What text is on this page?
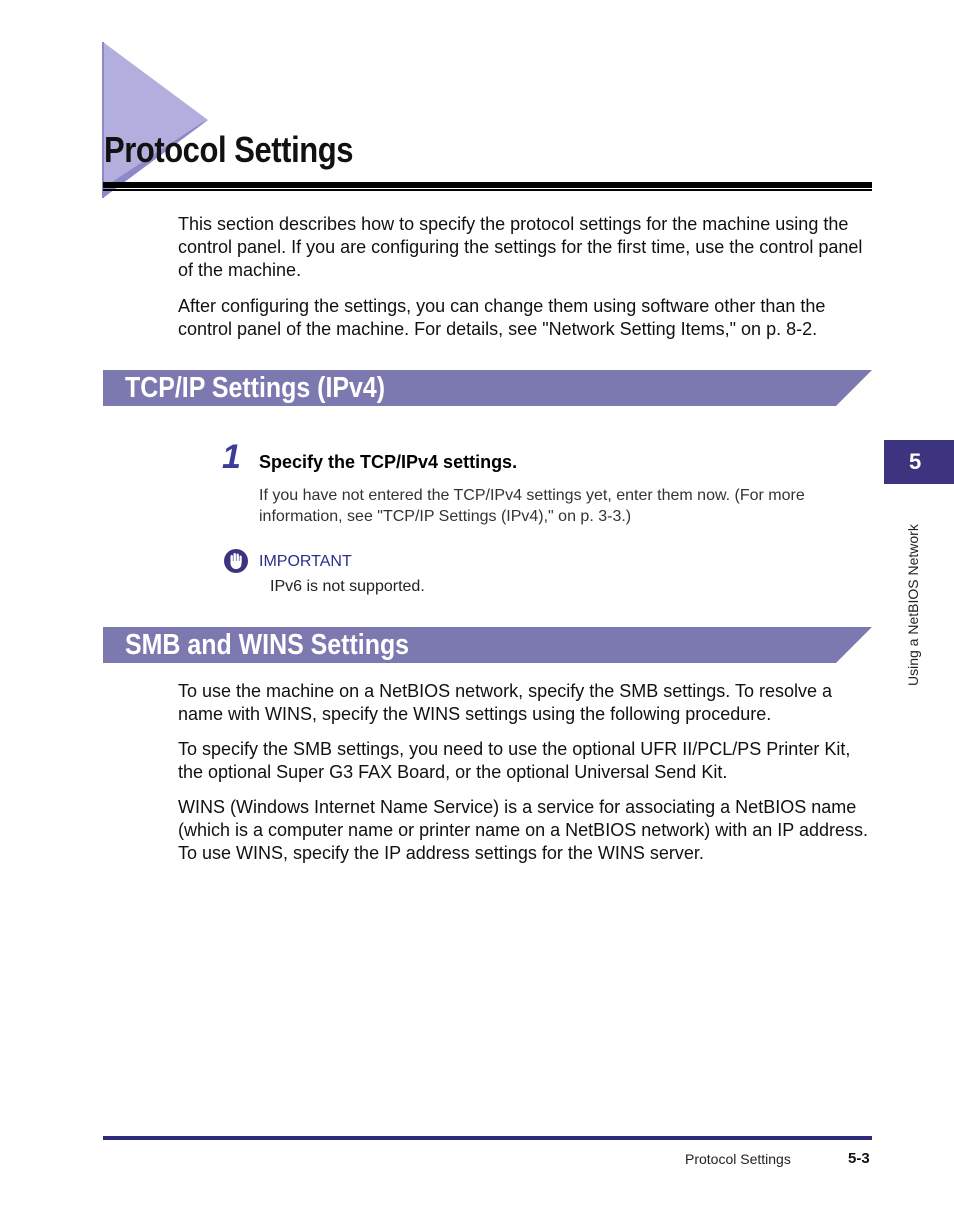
Protocol Settings

This section describes how to specify the protocol settings for the machine using the control panel. If you are configuring the settings for the first time, use the control panel of the machine.

After configuring the settings, you can change them using software other than the control panel of the machine. For details, see "Network Setting Items," on p. 8-2.

TCP/IP Settings (IPv4)
1 Specify the TCP/IPv4 settings.

If you have not entered the TCP/IPv4 settings yet, enter them now. (For more information, see "TCP/IP Settings (IPv4)," on p. 3-3.)

IMPORTANT
IPv6 is not supported.
SMB and WINS Settings

To use the machine on a NetBIOS network, specify the SMB settings. To resolve a name with WINS, specify the WINS settings using the following procedure.

To specify the SMB settings, you need to use the optional UFR II/PCL/PS Printer Kit, the optional Super G3 FAX Board, or the optional Universal Send Kit.

WINS (Windows Internet Name Service) is a service for associating a NetBIOS name (which is a computer name or printer name on a NetBIOS network) with an IP address. To use WINS, specify the IP address settings for the WINS server.

5
Using a NetBIOS Network
Protocol Settings	5-3
